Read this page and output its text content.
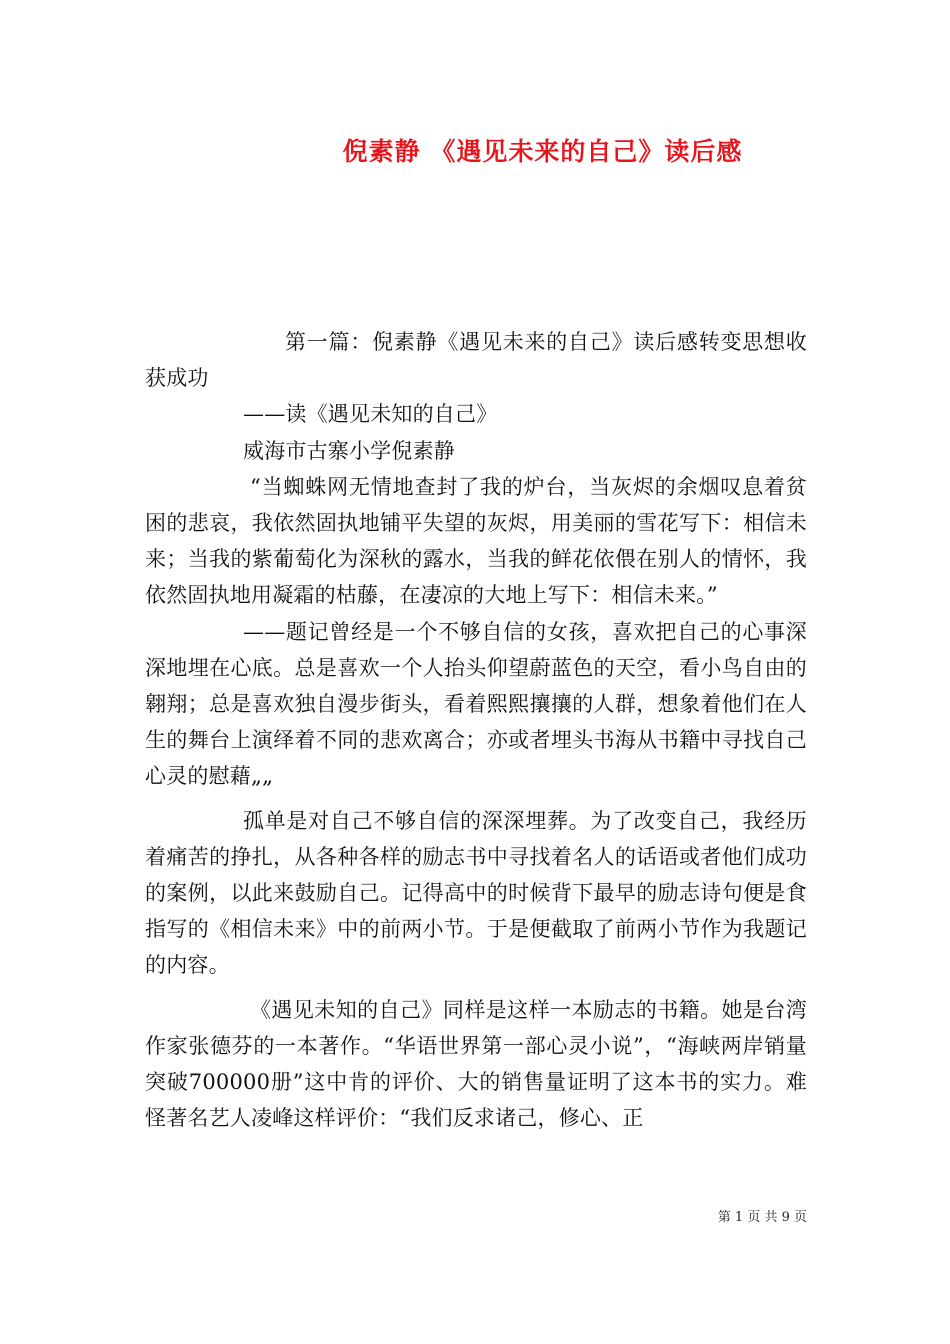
倪素静 《遇见未来的自己》读后感

第一篇：倪素静《遇见未来的自己》读后感转变思想收获成功

——读《遇见未知的自己》

威海市古寨小学倪素静

“当蜘蛛网无情地查封了我的炉台，当灰烬的余烟叹息着贫困的悲哀，我依然固执地铺平失望的灰烬，用美丽的雪花写下：相信未来；当我的紫葡萄化为深秋的露水，当我的鲜花依偎在别人的情怀，我依然固执地用凝霜的枯藤，在凄凉的大地上写下：相信未来。”

——题记曾经是一个不够自信的女孩，喜欢把自己的心事深深地埋在心底。总是喜欢一个人抬头仰望蔚蓝色的天空，看小鸟自由的翱翔；总是喜欢独自漫步街头，看着熙熙攘攘的人群，想象着他们在人生的舞台上演绎着不同的悲欢离合；亦或者埋头书海从书籍中寻找自己心灵的慰藉„„

孤单是对自己不够自信的深深埋葬。为了改变自己，我经历着痛苦的挣扎，从各种各样的励志书中寻找着名人的话语或者他们成功的案例，以此来鼓励自己。记得高中的时候背下最早的励志诗句便是食指写的《相信未来》中的前两小节。于是便截取了前两小节作为我题记的内容。

《遇见未知的自己》同样是这样一本励志的书籍。她是台湾作家张德芬的一本著作。“华语世界第一部心灵小说”，“海峡两岸销量突破700000册”这中肯的评价、大的销售量证明了这本书的实力。难怪著名艺人凌峰这样评价：“我们反求诸己，修心、正

第 1 页 共 9 页
